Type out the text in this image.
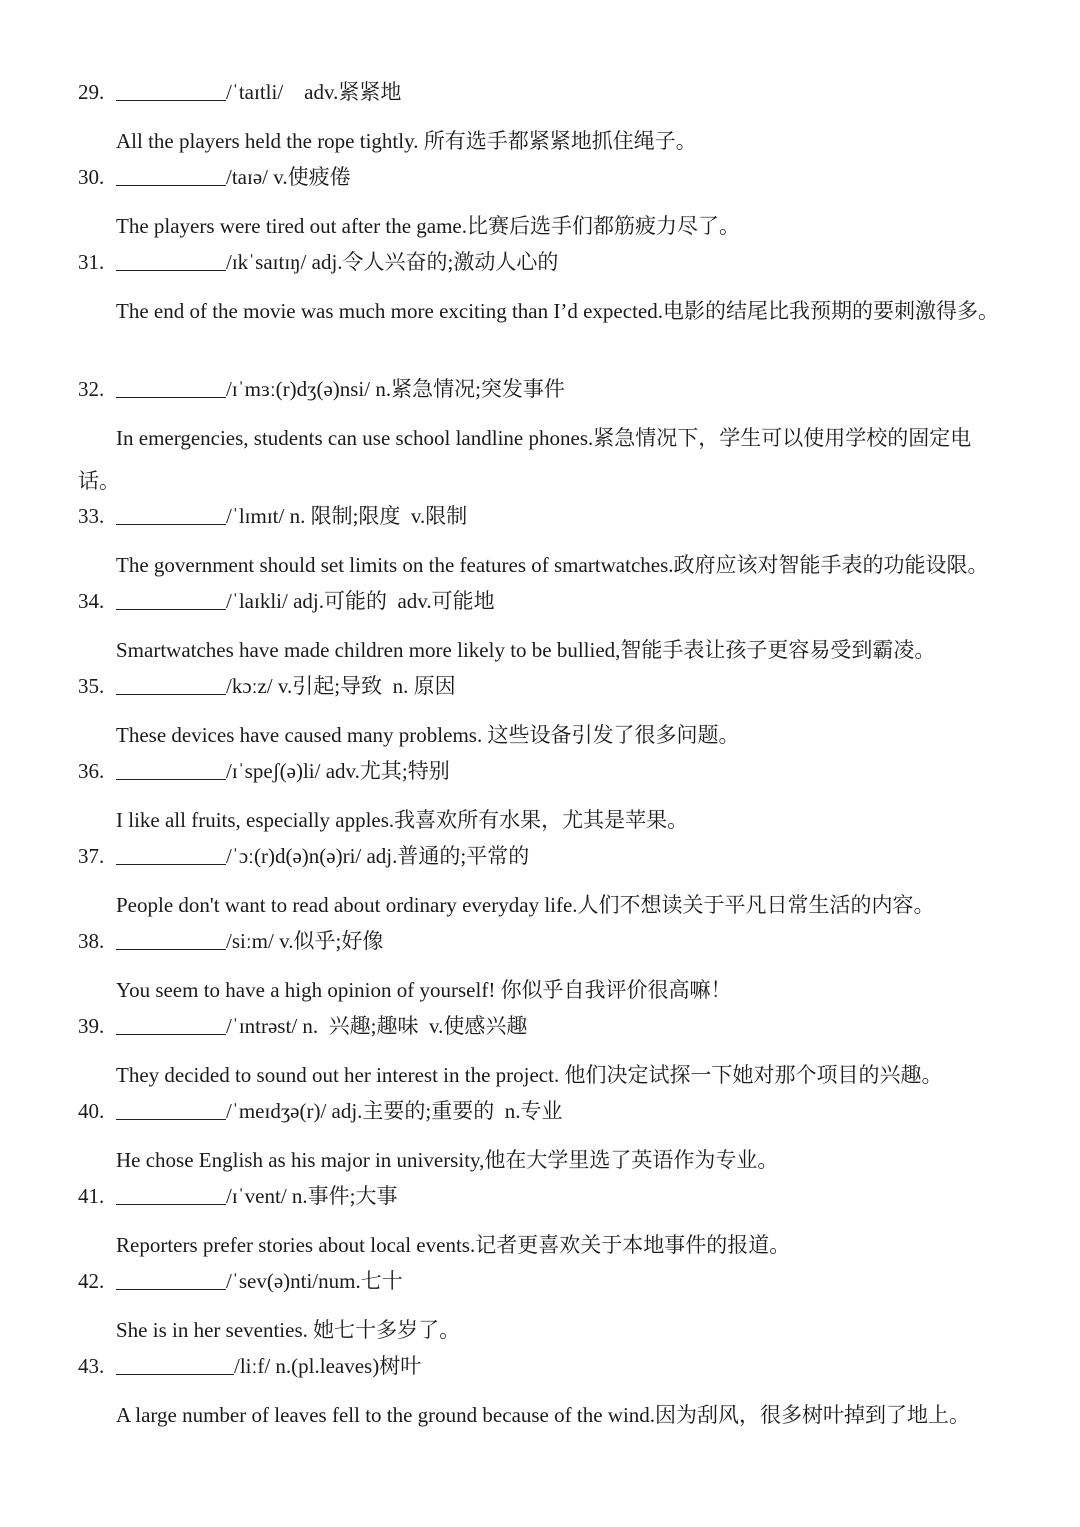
29.	/ˈtaɪtli/    adv.紧紧地
All the players held the rope tightly. 所有选手都紧紧地抓住绳子。
30.	/taɪə/ v.使疲倦
The players were tired out after the game.比赛后选手们都筋疲力尽了。
31.	/ɪkˈsaɪtɪŋ/ adj.令人兴奋的;激动人心的
The end of the movie was much more exciting than I’d expected.电影的结尾比我预期的要刺激得多。
32.	/ɪˈmɜː(r)dʒ(ə)nsi/ n.紧急情况;突发事件
In emergencies, students can use school landline phones.紧急情况下，学生可以使用学校的固定电话。
33.	/ˈlɪmɪt/ n. 限制;限度  v.限制
The government should set limits on the features of smartwatches.政府应该对智能手表的功能设限。
34.	/ˈlaɪkli/ adj.可能的  adv.可能地
Smartwatches have made children more likely to be bullied,智能手表让孩子更容易受到霸凌。
35.	/kɔːz/ v.引起;导致  n. 原因
These devices have caused many problems. 这些设备引发了很多问题。
36.	/ɪˈspeʃ(ə)li/ adv.尤其;特别
I like all fruits, especially apples.我喜欢所有水果，尤其是苹果。
37.	/ˈɔː(r)d(ə)n(ə)ri/ adj.普通的;平常的
People don't want to read about ordinary everyday life.人们不想读关于平凡日常生活的内容。
38.	/siːm/ v.似乎;好像
You seem to have a high opinion of yourself! 你似乎自我评价很高嘛！
39.	/ˈɪntrəst/ n.  兴趣;趣味  v.使感兴趣
They decided to sound out her interest in the project. 他们决定试探一下她对那个项目的兴趣。
40.	/ˈmeɪdʒə(r)/ adj.主要的;重要的  n.专业
He chose English as his major in university,他在大学里选了英语作为专业。
41.	/ɪˈvent/ n.事件;大事
Reporters prefer stories about local events.记者更喜欢关于本地事件的报道。
42.	/ˈsev(ə)nti/num.七十
She is in her seventies. 她七十多岁了。
43.	/liːf/ n.(pl.leaves)树叶
A large number of leaves fell to the ground because of the wind.因为刮风，很多树叶掉到了地上。
